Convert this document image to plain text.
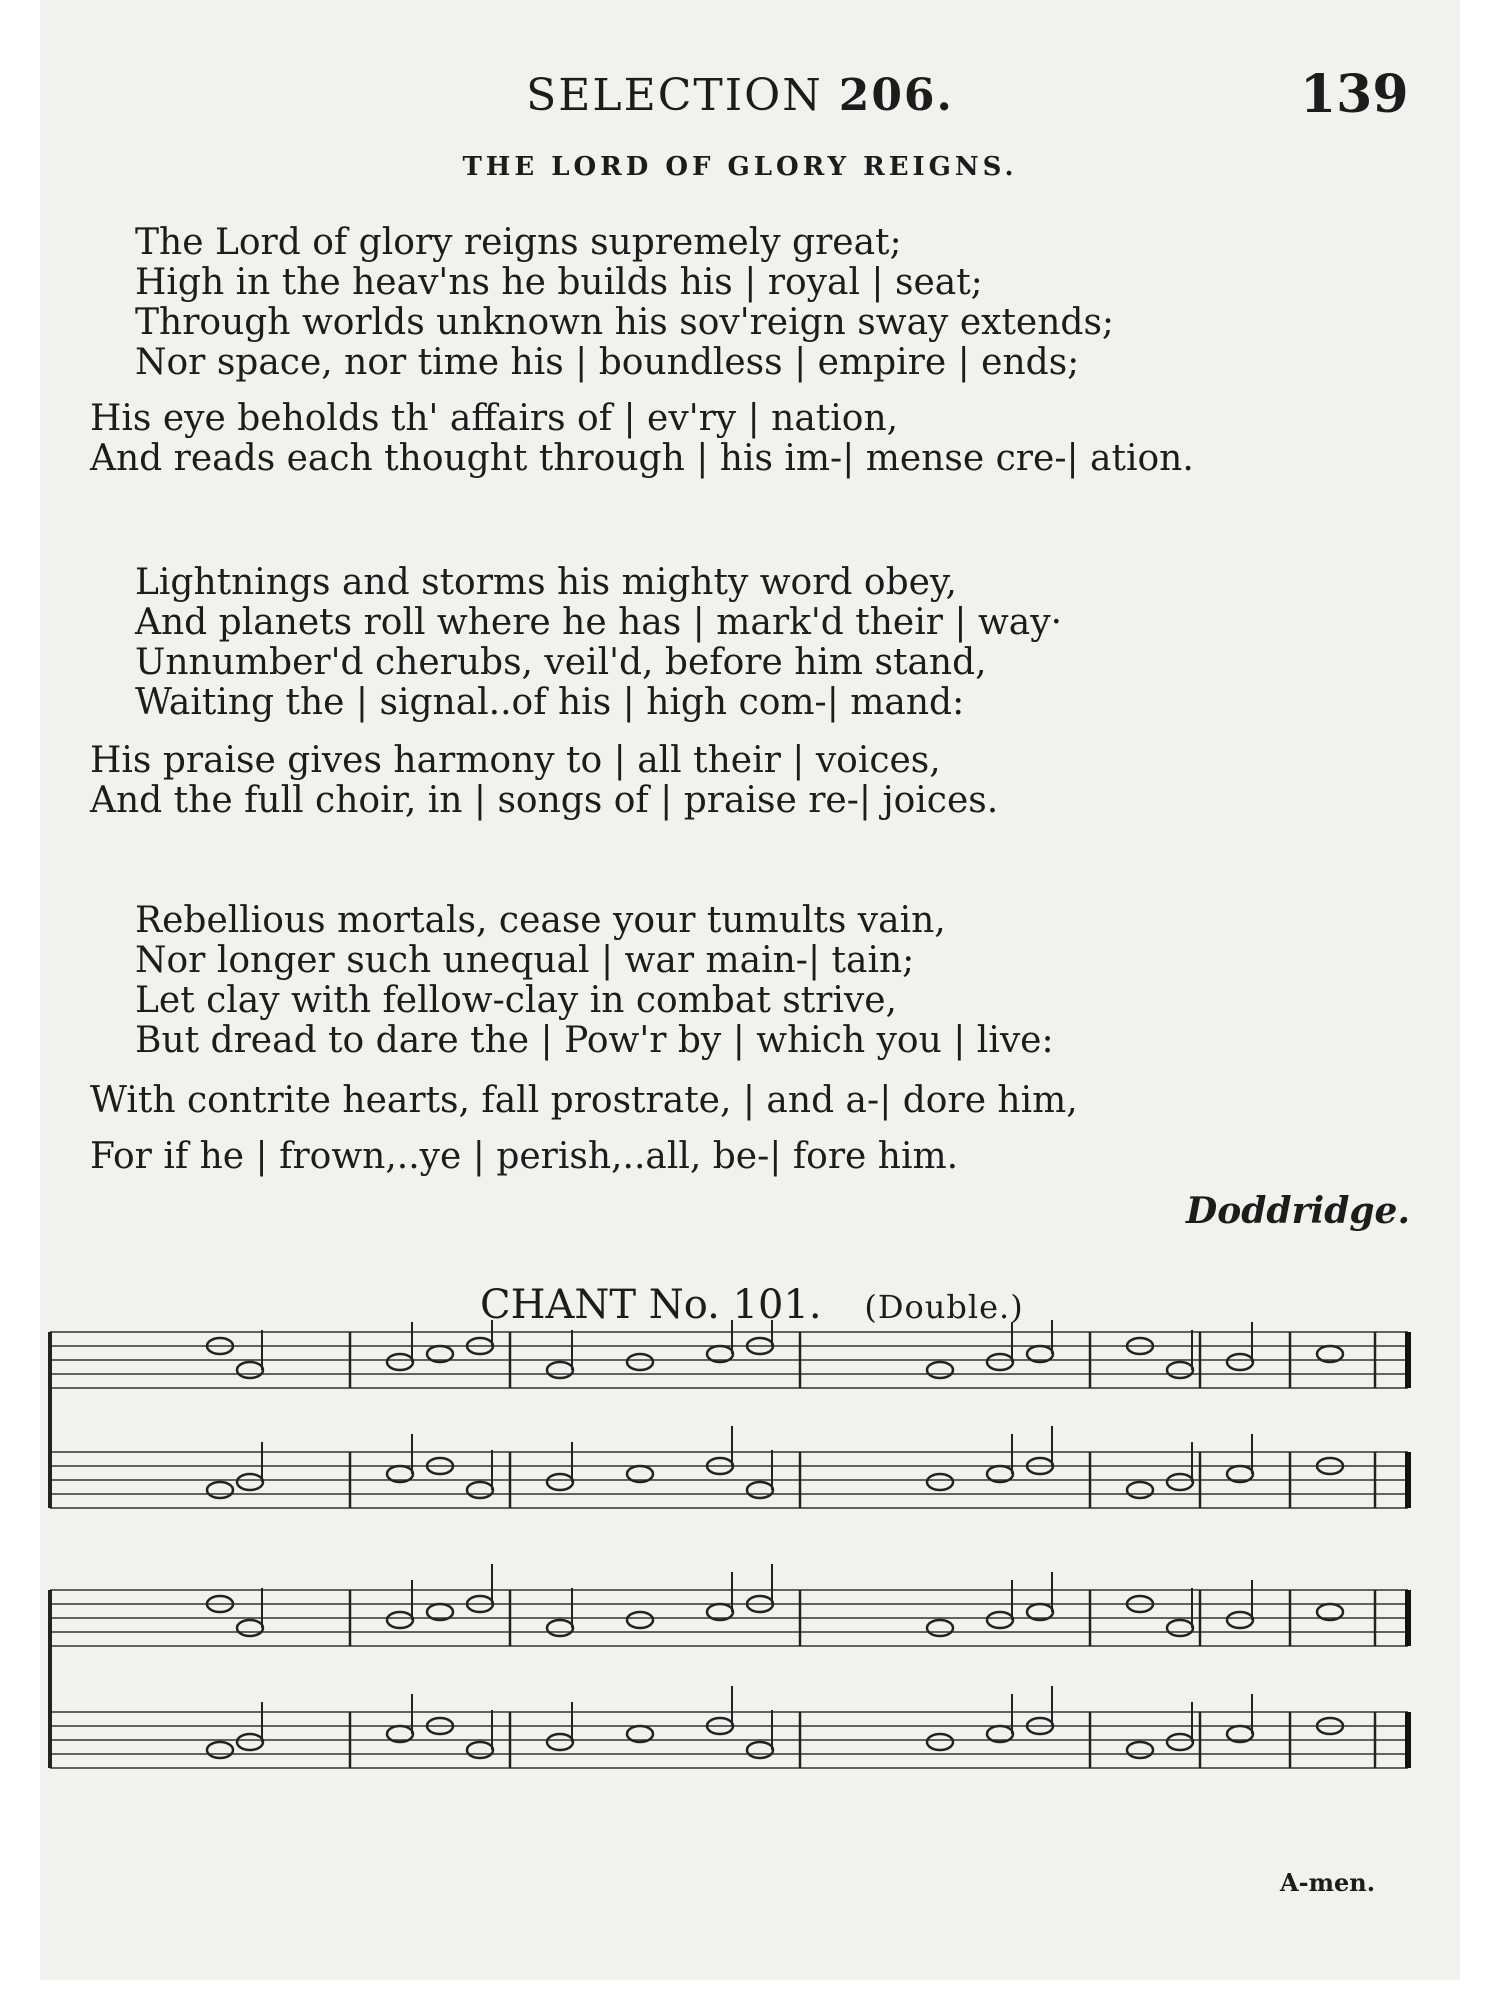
SELECTION 206.	139
THE LORD OF GLORY REIGNS.
The Lord of glory reigns supremely great;
High in the heav'ns he builds his | royal | seat;
Through worlds unknown his sov'reign sway extends;
Nor space, nor time his | boundless | empire | ends;
His eye beholds th' affairs of | ev'ry | nation,
And reads each thought through | his im-| mense cre-| ation.
Lightnings and storms his mighty word obey,
And planets roll where he has | mark'd their | way·
Unnumber'd cherubs, veil'd, before him stand,
Waiting the | signal..of his | high com-| mand:
His praise gives harmony to | all their | voices,
And the full choir, in | songs of | praise re-| joices.
Rebellious mortals, cease your tumults vain,
Nor longer such unequal | war main-| tain;
Let clay with fellow-clay in combat strive,
But dread to dare the | Pow'r by | which you | live:
With contrite hearts, fall prostrate, | and a-| dore him,
For if he | frown,..ye | perish,..all, be-| fore him.
Doddridge.
CHANT No. 101. (Double.)
A-men.
